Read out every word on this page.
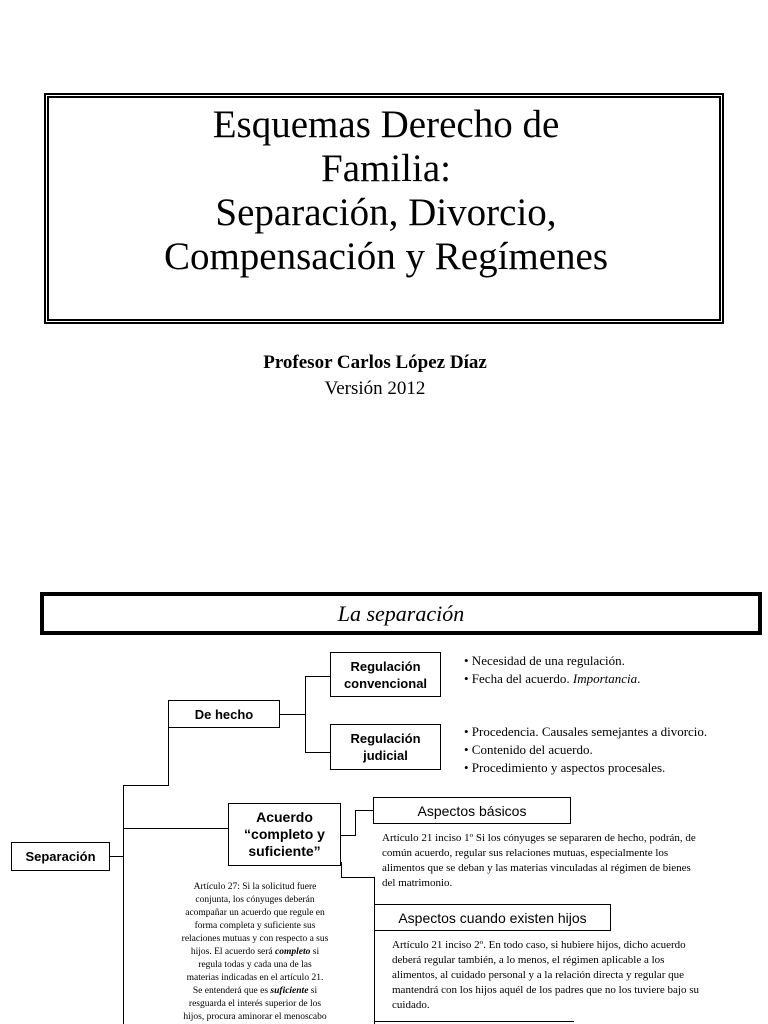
Esquemas Derecho de
Familia:
Separación, Divorcio,
Compensación y Regímenes
Profesor Carlos López Díaz
Versión 2012
La separación
Separación
De hecho
Regulación
convencional
Regulación
judicial
Acuerdo
“completo y
suficiente”
Aspectos básicos
Aspectos cuando existen hijos
• Necesidad de una regulación.
• Fecha del acuerdo. Importancia.
• Procedencia. Causales semejantes a divorcio.
• Contenido del acuerdo.
• Procedimiento y aspectos procesales.
Artículo 21 inciso 1º Si los cónyuges se separaren de hecho, podrán, de
común acuerdo, regular sus relaciones mutuas, especialmente los
alimentos que se deban y las materias vinculadas al régimen de bienes
del matrimonio.
Artículo 21 inciso 2º. En todo caso, si hubiere hijos, dicho acuerdo
deberá regular también, a lo menos, el régimen aplicable a los
alimentos, al cuidado personal y a la relación directa y regular que
mantendrá con los hijos aquél de los padres que no los tuviere bajo su
cuidado.
Artículo 27: Si la solicitud fuere
conjunta, los cónyuges deberán
acompañar un acuerdo que regule en
forma completa y suficiente sus
relaciones mutuas y con respecto a sus
hijos. El acuerdo será completo si
regula todas y cada una de las
materias indicadas en el artículo 21.
Se entenderá que es suficiente si
resguarda el interés superior de los
hijos, procura aminorar el menoscabo
